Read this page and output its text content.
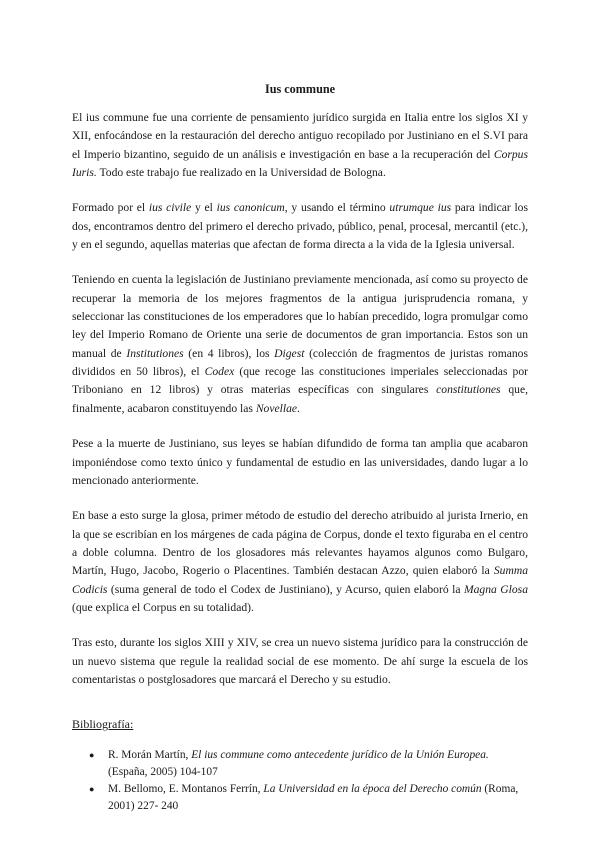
Ius commune
El ius commune fue una corriente de pensamiento jurídico surgida en Italia entre los siglos XI y XII, enfocándose en la restauración del derecho antiguo recopilado por Justiniano en el S.VI para el Imperio bizantino, seguido de un análisis e investigación en base a la recuperación del Corpus Iuris. Todo este trabajo fue realizado en la Universidad de Bologna.
Formado por el ius civile y el ius canonicum, y usando el término utrumque ius para indicar los dos, encontramos dentro del primero el derecho privado, público, penal, procesal, mercantil (etc.), y en el segundo, aquellas materias que afectan de forma directa a la vida de la Iglesia universal.
Teniendo en cuenta la legislación de Justiniano previamente mencionada, así como su proyecto de recuperar la memoria de los mejores fragmentos de la antigua jurisprudencia romana, y seleccionar las constituciones de los emperadores que lo habían precedido, logra promulgar como ley del Imperio Romano de Oriente una serie de documentos de gran importancia. Estos son un manual de Institutiones (en 4 libros), los Digest (colección de fragmentos de juristas romanos divididos en 50 libros), el Codex (que recoge las constituciones imperiales seleccionadas por Triboniano en 12 libros) y otras materias específicas con singulares constitutiones que, finalmente, acabaron constituyendo las Novellae.
Pese a la muerte de Justiniano, sus leyes se habían difundido de forma tan amplia que acabaron imponiéndose como texto único y fundamental de estudio en las universidades, dando lugar a lo mencionado anteriormente.
En base a esto surge la glosa, primer método de estudio del derecho atribuido al jurista Irnerio, en la que se escribían en los márgenes de cada página de Corpus, donde el texto figuraba en el centro a doble columna. Dentro de los glosadores más relevantes hayamos algunos como Bulgaro, Martín, Hugo, Jacobo, Rogerio o Placentines. También destacan Azzo, quien elaboró la Summa Codicis (suma general de todo el Codex de Justiniano), y Acurso, quien elaboró la Magna Glosa (que explica el Corpus en su totalidad).
Tras esto, durante los siglos XIII y XIV, se crea un nuevo sistema jurídico para la construcción de un nuevo sistema que regule la realidad social de ese momento. De ahí surge la escuela de los comentaristas o postglosadores que marcará el Derecho y su estudio.
Bibliografía:
● R. Morán Martín, El ius commune como antecedente jurídico de la Unión Europea. (España, 2005) 104-107
● M. Bellomo, E. Montanos Ferrín, La Universidad en la época del Derecho común (Roma, 2001) 227- 240
